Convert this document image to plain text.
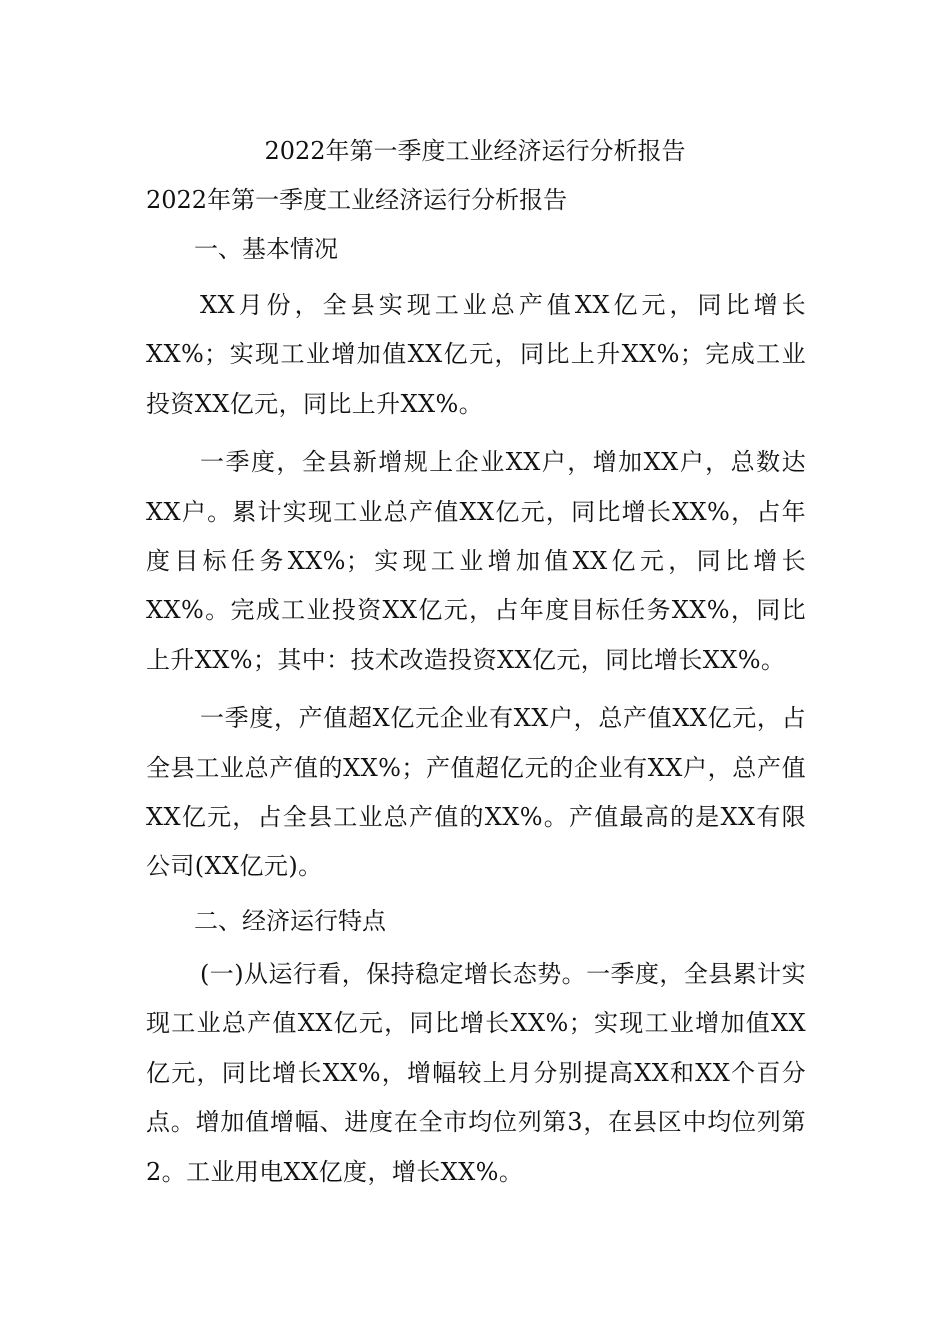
2022年第一季度工业经济运行分析报告
2022年第一季度工业经济运行分析报告
一、基本情况

XX月份，全县实现工业总产值XX亿元，同比增长XX%；实现工业增加值XX亿元，同比上升XX%；完成工业投资XX亿元，同比上升XX%。

一季度，全县新增规上企业XX户，增加XX户，总数达XX户。累计实现工业总产值XX亿元，同比增长XX%，占年度目标任务XX%；实现工业增加值XX亿元，同比增长XX%。完成工业投资XX亿元，占年度目标任务XX%，同比上升XX%；其中：技术改造投资XX亿元，同比增长XX%。

一季度，产值超X亿元企业有XX户，总产值XX亿元，占全县工业总产值的XX%；产值超亿元的企业有XX户，总产值XX亿元，占全县工业总产值的XX%。产值最高的是XX有限公司(XX亿元)。

二、经济运行特点

(一)从运行看，保持稳定增长态势。一季度，全县累计实现工业总产值XX亿元，同比增长XX%；实现工业增加值XX亿元，同比增长XX%，增幅较上月分别提高XX和XX个百分点。增加值增幅、进度在全市均位列第3，在县区中均位列第2。工业用电XX亿度，增长XX%。
